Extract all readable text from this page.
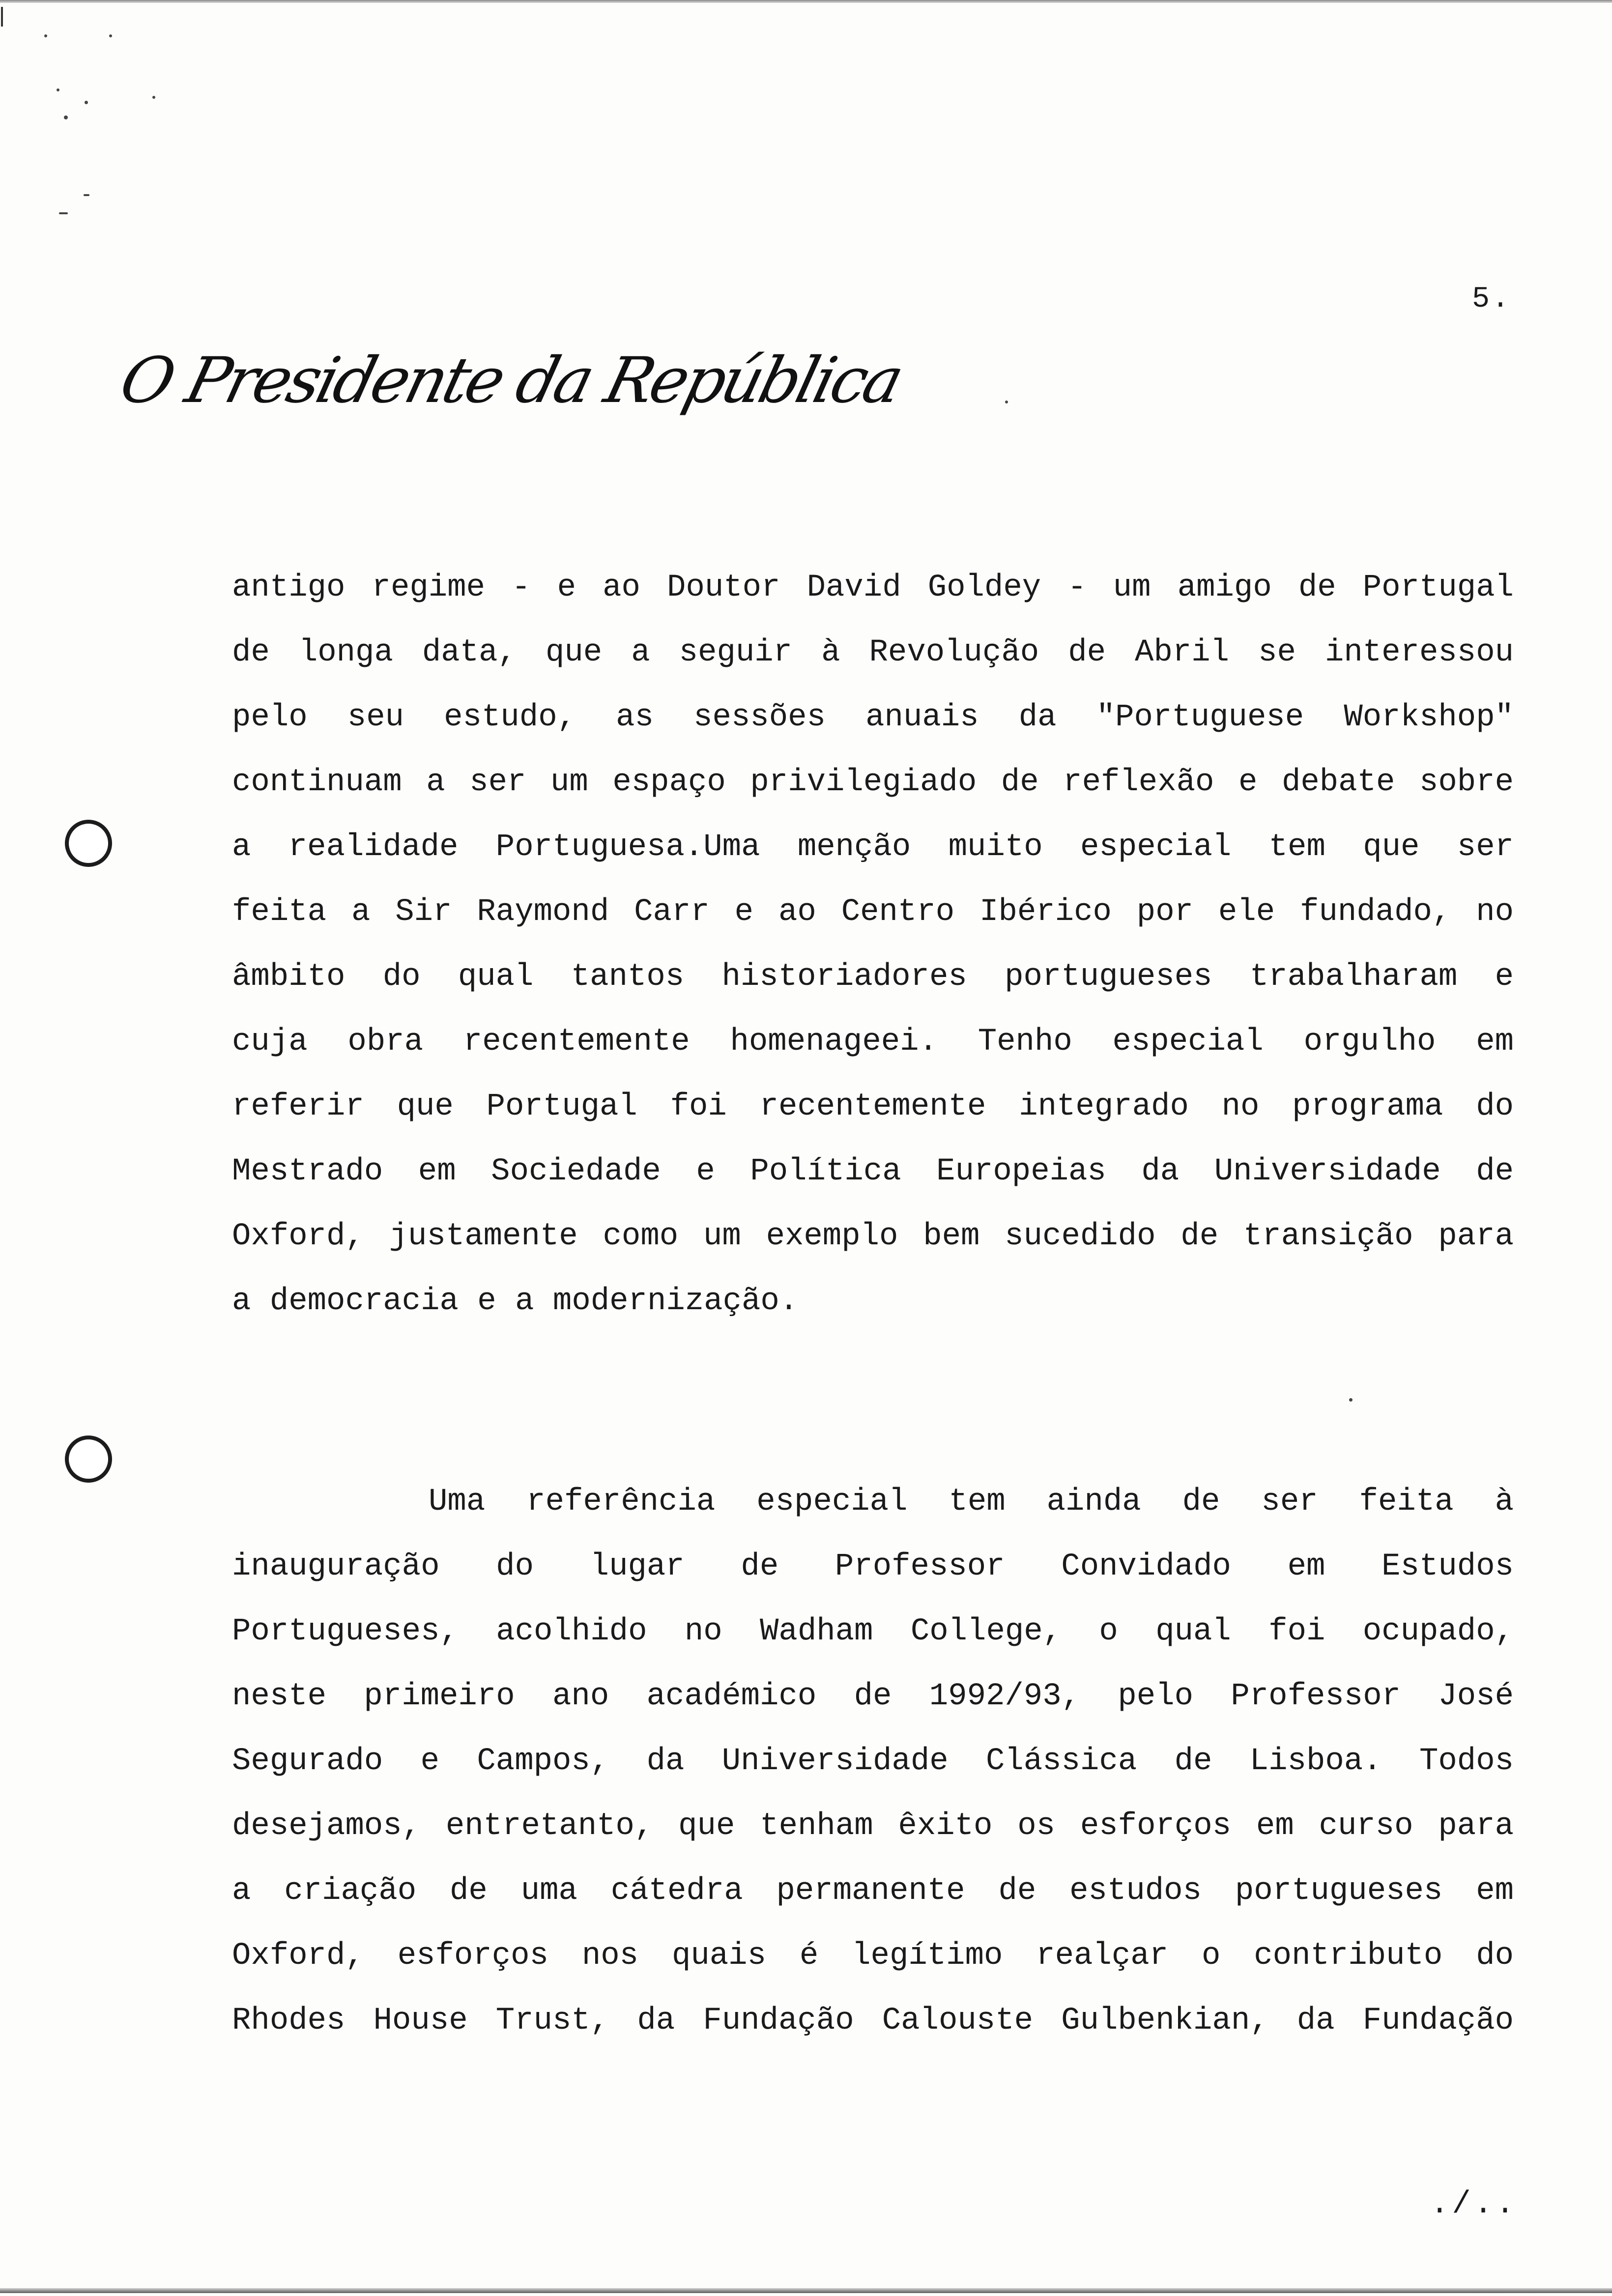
5.
O Presidente da República
antigo regime - e ao Doutor David Goldey - um amigo de Portugal
de longa data, que a seguir à Revolução de Abril se interessou
pelo seu estudo, as sessões anuais da "Portuguese Workshop"
continuam a ser um espaço privilegiado de reflexão e debate sobre
a realidade Portuguesa.Uma menção muito especial tem que ser
feita a Sir Raymond Carr e ao Centro Ibérico por ele fundado, no
âmbito do qual tantos historiadores portugueses trabalharam e
cuja obra recentemente homenageei. Tenho especial orgulho em
referir que Portugal foi recentemente integrado no programa do
Mestrado em Sociedade e Política Europeias da Universidade de
Oxford, justamente como um exemplo bem sucedido de transição para
a democracia e a modernização.
Uma referência especial tem ainda de ser feita à
inauguração do lugar de Professor Convidado em Estudos
Portugueses, acolhido no Wadham College, o qual foi ocupado,
neste primeiro ano académico de 1992/93, pelo Professor José
Segurado e Campos, da Universidade Clássica de Lisboa. Todos
desejamos, entretanto, que tenham êxito os esforços em curso para
a criação de uma cátedra permanente de estudos portugueses em
Oxford, esforços nos quais é legítimo realçar o contributo do
Rhodes House Trust, da Fundação Calouste Gulbenkian, da Fundação
./..
